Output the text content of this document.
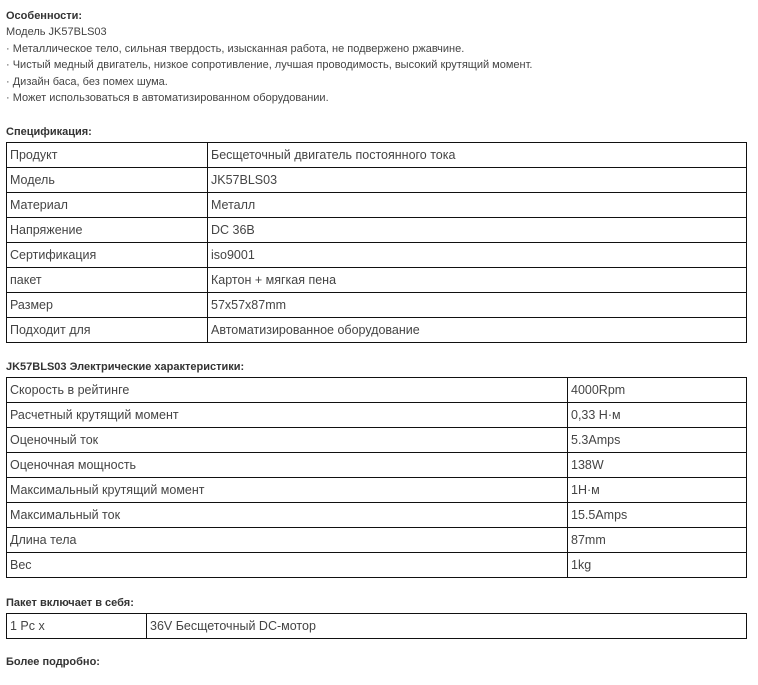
Особенности:
Модель JK57BLS03
· Металлическое тело, сильная твердость, изысканная работа, не подвержено ржавчине.
· Чистый медный двигатель, низкое сопротивление, лучшая проводимость, высокий крутящий момент.
· Дизайн баса, без помех шума.
· Может использоваться в автоматизированном оборудовании.
Спецификация:
Продукт	Бесщеточный двигатель постоянного тока
Модель	JK57BLS03
Материал	Металл
Напряжение	DC 36В
Сертификация	iso9001
пакет	Картон + мягкая пена
Размер	57x57x87mm
Подходит для	Автоматизированное оборудование
JK57BLS03 Электрические характеристики:
Скорость в рейтинге	4000Rpm
Расчетный крутящий момент	0,33 Н·м
Оценочный ток	5.3Amps
Оценочная мощность	138W
Максимальный крутящий момент	1Н·м
Максимальный ток	15.5Amps
Длина тела	87mm
Вес	1kg
Пакет включает в себя:
1 Pc x	36V Бесщеточный DC-мотор
Более подробно:
